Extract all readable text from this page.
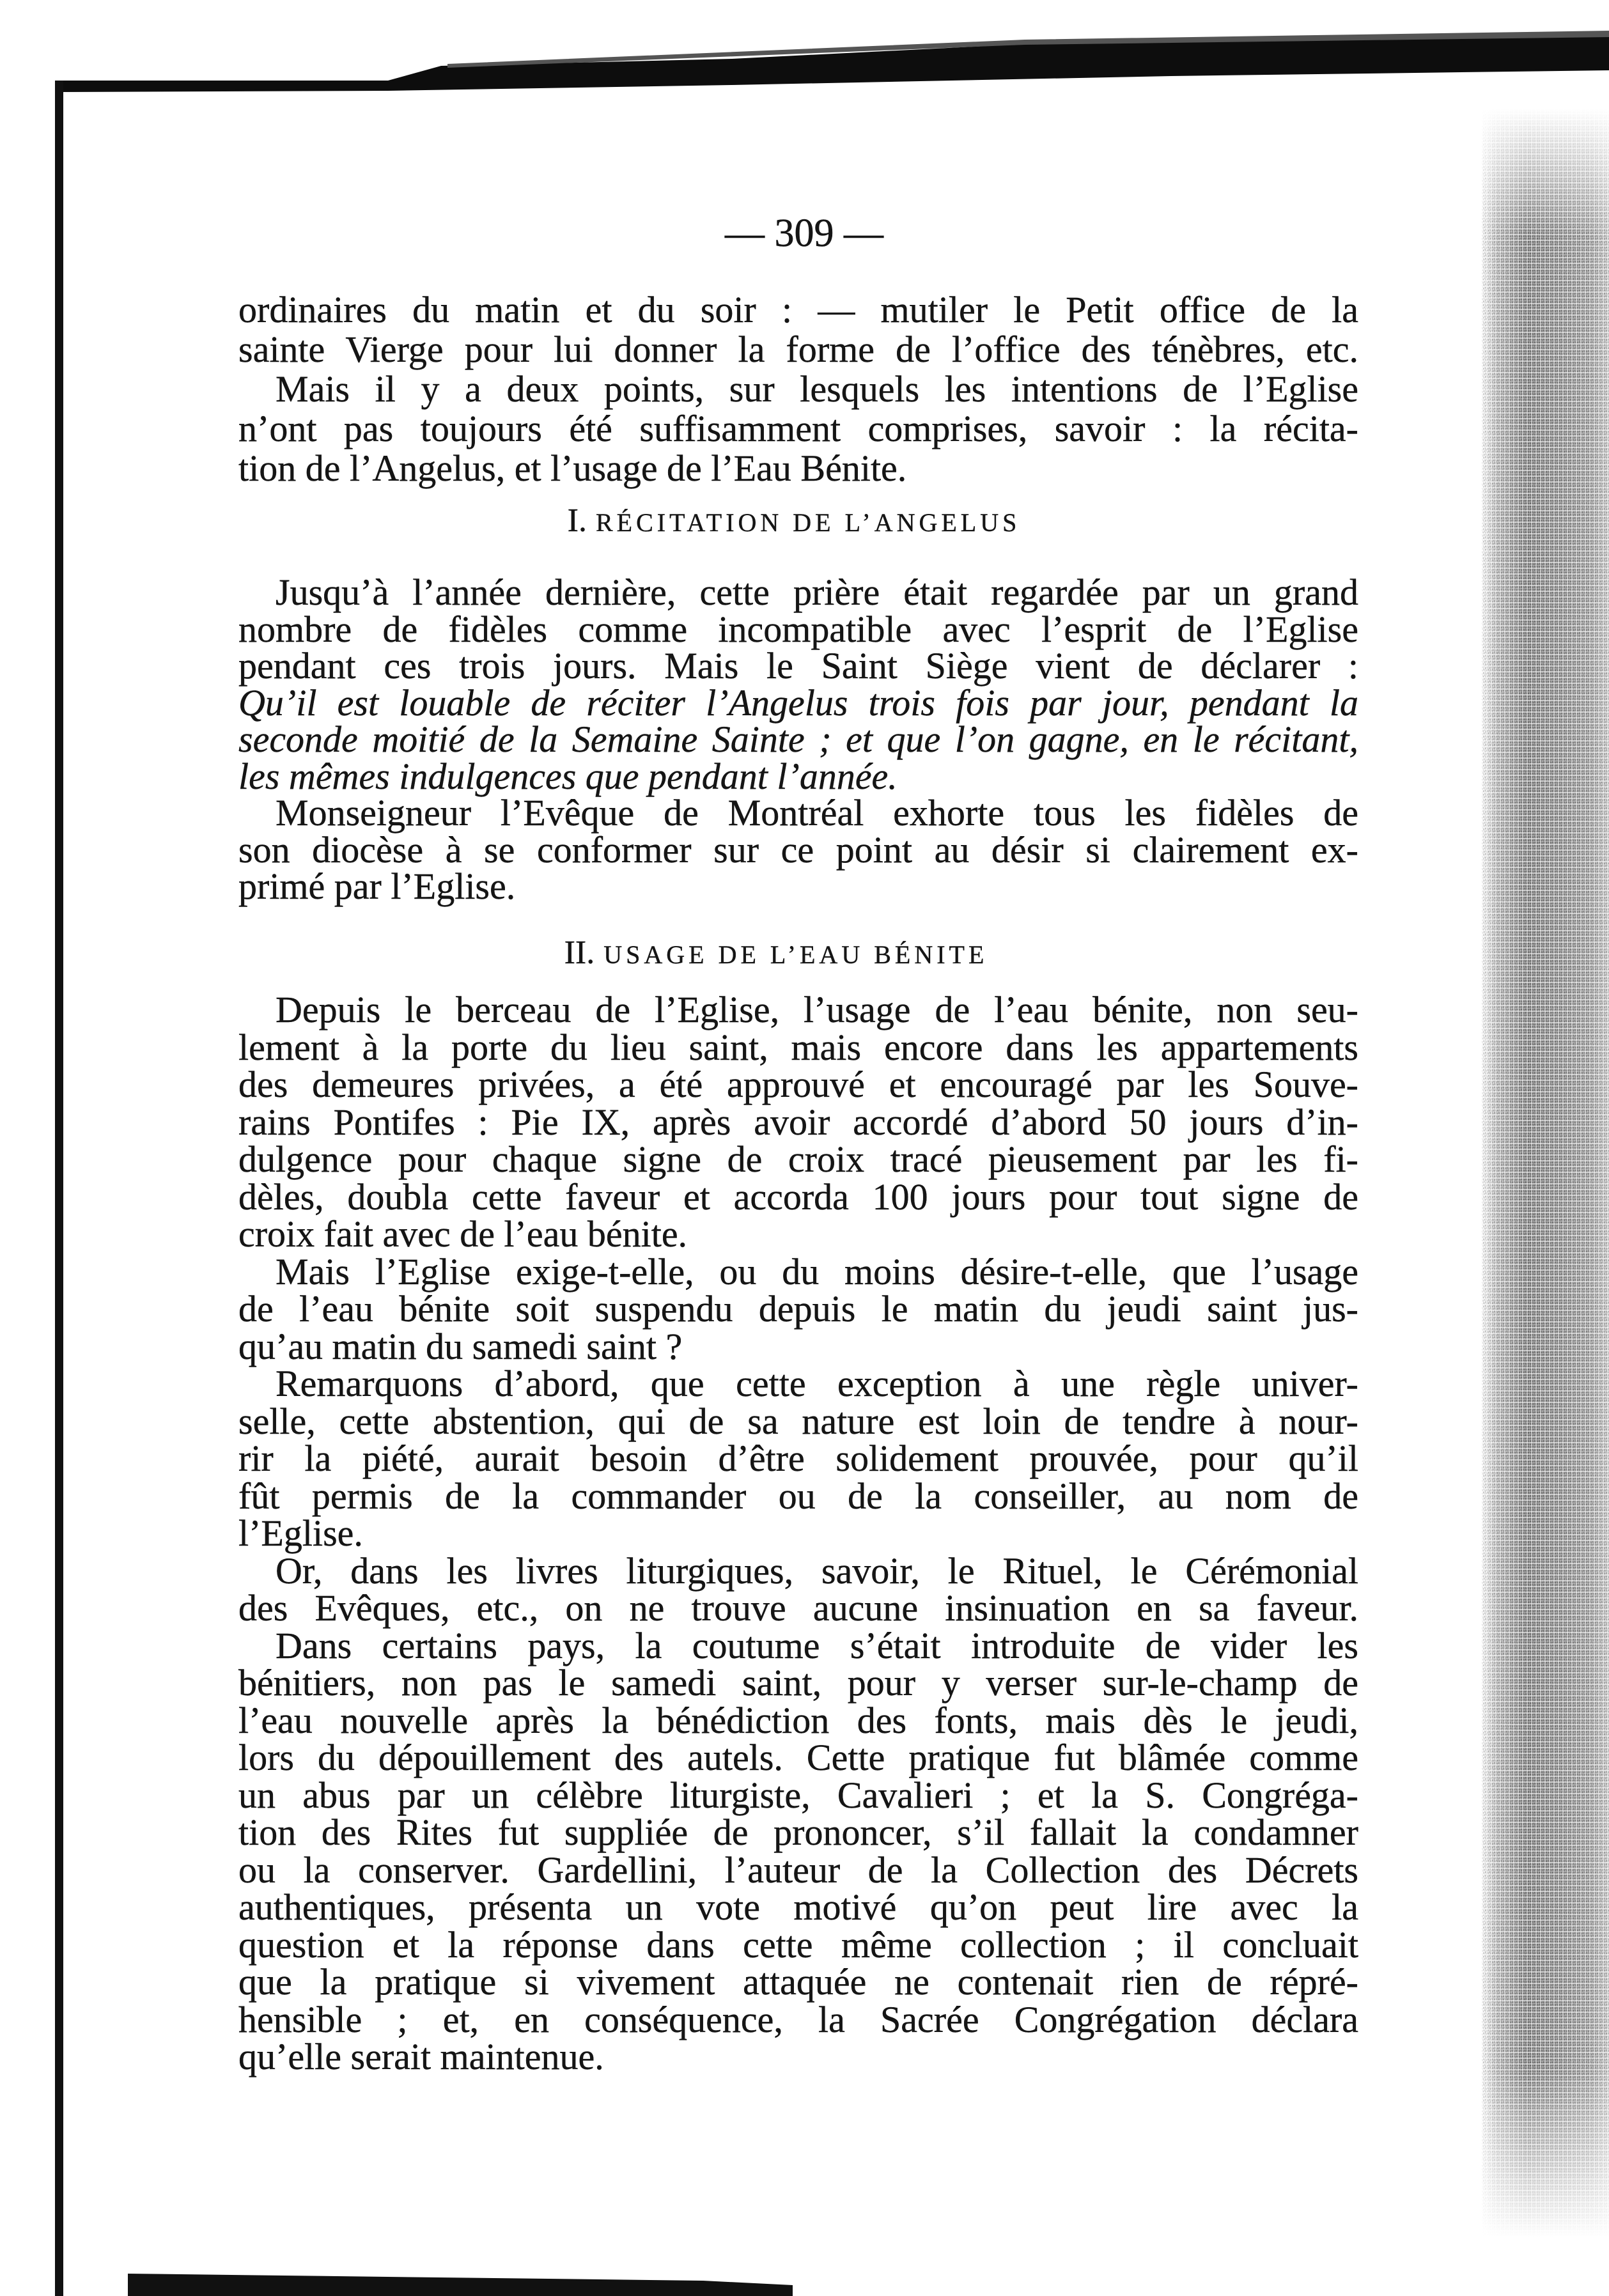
— 309 —
ordinaires du matin et du soir : — mutiler le Petit office de la
sainte Vierge pour lui donner la forme de l’office des ténèbres, etc.
Mais il y a deux points, sur lesquels les intentions de l’Eglise
n’ont pas toujours été suffisamment comprises, savoir : la récita-
tion de l’Angelus, et l’usage de l’Eau Bénite.
I. RÉCITATION DE L’ANGELUS
Jusqu’à l’année dernière, cette prière était regardée par un grand
nombre de fidèles comme incompatible avec l’esprit de l’Eglise
pendant ces trois jours. Mais le Saint Siège vient de déclarer :
Qu’il est louable de réciter l’Angelus trois fois par jour, pendant la
seconde moitié de la Semaine Sainte ; et que l’on gagne, en le récitant,
les mêmes indulgences que pendant l’année.
Monseigneur l’Evêque de Montréal exhorte tous les fidèles de
son diocèse à se conformer sur ce point au désir si clairement ex-
primé par l’Eglise.
II. USAGE DE L’EAU BÉNITE
Depuis le berceau de l’Eglise, l’usage de l’eau bénite, non seu-
lement à la porte du lieu saint, mais encore dans les appartements
des demeures privées, a été approuvé et encouragé par les Souve-
rains Pontifes : Pie IX, après avoir accordé d’abord 50 jours d’in-
dulgence pour chaque signe de croix tracé pieusement par les fi-
dèles, doubla cette faveur et accorda 100 jours pour tout signe de
croix fait avec de l’eau bénite.
Mais l’Eglise exige-t-elle, ou du moins désire-t-elle, que l’usage
de l’eau bénite soit suspendu depuis le matin du jeudi saint jus-
qu’au matin du samedi saint ?
Remarquons d’abord, que cette exception à une règle univer-
selle, cette abstention, qui de sa nature est loin de tendre à nour-
rir la piété, aurait besoin d’être solidement prouvée, pour qu’il
fût permis de la commander ou de la conseiller, au nom de
l’Eglise.
Or, dans les livres liturgiques, savoir, le Rituel, le Cérémonial
des Evêques, etc., on ne trouve aucune insinuation en sa faveur.
Dans certains pays, la coutume s’était introduite de vider les
bénitiers, non pas le samedi saint, pour y verser sur-le-champ de
l’eau nouvelle après la bénédiction des fonts, mais dès le jeudi,
lors du dépouillement des autels. Cette pratique fut blâmée comme
un abus par un célèbre liturgiste, Cavalieri ; et la S. Congréga-
tion des Rites fut suppliée de prononcer, s’il fallait la condamner
ou la conserver. Gardellini, l’auteur de la Collection des Décrets
authentiques, présenta un vote motivé qu’on peut lire avec la
question et la réponse dans cette même collection ; il concluait
que la pratique si vivement attaquée ne contenait rien de répré-
hensible ; et, en conséquence, la Sacrée Congrégation déclara
qu’elle serait maintenue.
